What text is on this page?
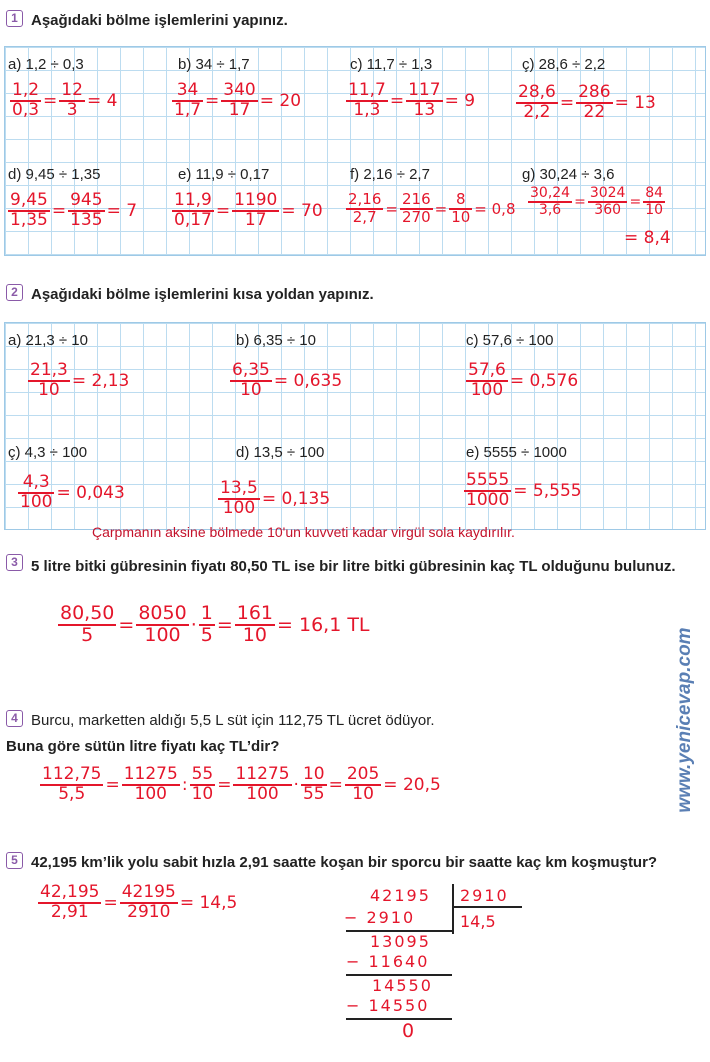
1 Aşağıdaki bölme işlemlerini yapınız.
a) 1,2 ÷ 0,3	b) 34 ÷ 1,7	c) 11,7 ÷ 1,3	ç) 28,6 ÷ 2,2
d) 9,45 ÷ 1,35	e) 11,9 ÷ 0,17	f) 2,16 ÷ 2,7	g) 30,24 ÷ 3,6
$\frac{1,2}{0,3} = \frac{12}{3} = 4$	$\frac{34}{1,7} = \frac{340}{17} = 20$	$\frac{11,7}{1,3} = \frac{117}{13} = 9 \frac{28,6}{2,2} = \frac{286}{22} = 13$
$\frac{9,45}{1,35} = \frac{945}{135} = 7 \frac{11,9}{0,17} = \frac{1190}{17} = 70 \frac{2,16}{2,7} = \frac{216}{270} = \frac{8}{10} = 0,8 \frac{30,24}{3,6} = \frac{3024}{360} = \frac{84}{10}$
= 8,4
2 Aşağıdaki bölme işlemlerini kısa yoldan yapınız.
a) 21,3 ÷ 10	b) 6,35 ÷ 10	c) 57,6 ÷ 100
ç) 4,3 ÷ 100	d) 13,5 ÷ 100	e) 5555 ÷ 1000
$\frac{21,3}{10} = 2,13$	$\frac{6,35}{10} = 0,635$	$\frac{57,6}{100} = 0,576$
$\frac{4,3}{100} = 0,043$	$\frac{13,5}{100} = 0,135$	$\frac{5555}{1000} = 5,555$
Çarpmanın aksine bölmede 10'un kuvveti kadar virgül sola kaydırılır.
3 5 litre bitki gübresinin fiyatı 80,50 TL ise bir litre bitki gübresinin kaç TL olduğunu bulunuz.
$\frac{80,50}{5} = \frac{8050}{100} \cdot \frac{1}{5} = \frac{161}{10} = 16,1$ TL
4 Burcu, marketten aldığı 5,5 L süt için 112,75 TL ücret ödüyor.
Buna göre sütün litre fiyatı kaç TL’dir?
$\frac{112,75}{5,5} = \frac{11275}{100}$ : $\frac{55}{10} = \frac{11275}{100} \cdot \frac{10}{55} = \frac{205}{10} = 20,5$
5 42,195 km’lik yolu sabit hızla 2,91 saatte koşan bir sporcu bir saatte kaç km koşmuştur?
$\frac{42,195}{2,91} = \frac{42195}{2910} = 14,5$	42195 2910
14,5
− 2910
13095
− 11640
14550
− 14550
0
www.yenicevap.com
